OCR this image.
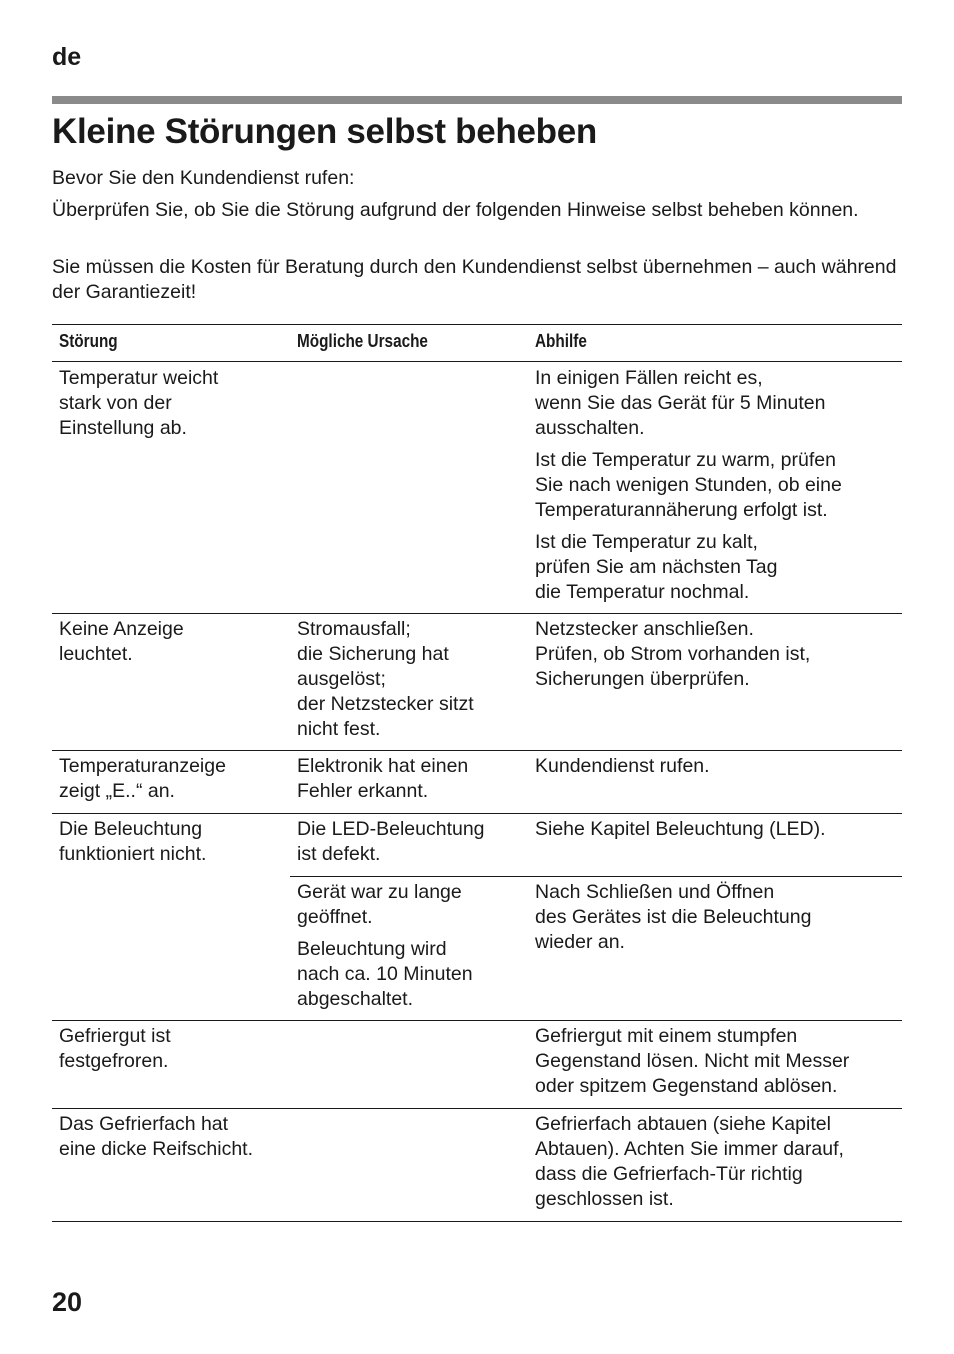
de
Kleine Störungen selbst beheben

Bevor Sie den Kundendienst rufen:

Überprüfen Sie, ob Sie die Störung aufgrund der folgenden Hinweise selbst beheben können.

Sie müssen die Kosten für Beratung durch den Kundendienst selbst übernehmen – auch während der Garantiezeit!

Störung	Mögliche Ursache	Abhilfe
Temperatur weicht
stark von der
Einstellung ab.
In einigen Fällen reicht es,
wenn Sie das Gerät für 5 Minuten
ausschalten.
Ist die Temperatur zu warm, prüfen
Sie nach wenigen Stunden, ob eine
Temperaturannäherung erfolgt ist.
Ist die Temperatur zu kalt,
prüfen Sie am nächsten Tag
die Temperatur nochmal.
Keine Anzeige
leuchtet.
Stromausfall;
die Sicherung hat
ausgelöst;
der Netzstecker sitzt
nicht fest.
Netzstecker anschließen.
Prüfen, ob Strom vorhanden ist,
Sicherungen überprüfen.
Temperaturanzeige
zeigt „E..“ an.
Elektronik hat einen
Fehler erkannt.
Kundendienst rufen.
Die Beleuchtung
funktioniert nicht.
Die LED-Beleuchtung
ist defekt.
Siehe Kapitel Beleuchtung (LED).
Gerät war zu lange
geöffnet.
Beleuchtung wird
nach ca. 10 Minuten
abgeschaltet.
Nach Schließen und Öffnen
des Gerätes ist die Beleuchtung
wieder an.
Gefriergut ist
festgefroren.
Gefriergut mit einem stumpfen
Gegenstand lösen. Nicht mit Messer
oder spitzem Gegenstand ablösen.
Das Gefrierfach hat
eine dicke Reifschicht.
Gefrierfach abtauen (siehe Kapitel
Abtauen). Achten Sie immer darauf,
dass die Gefrierfach-Tür richtig
geschlossen ist.
20
